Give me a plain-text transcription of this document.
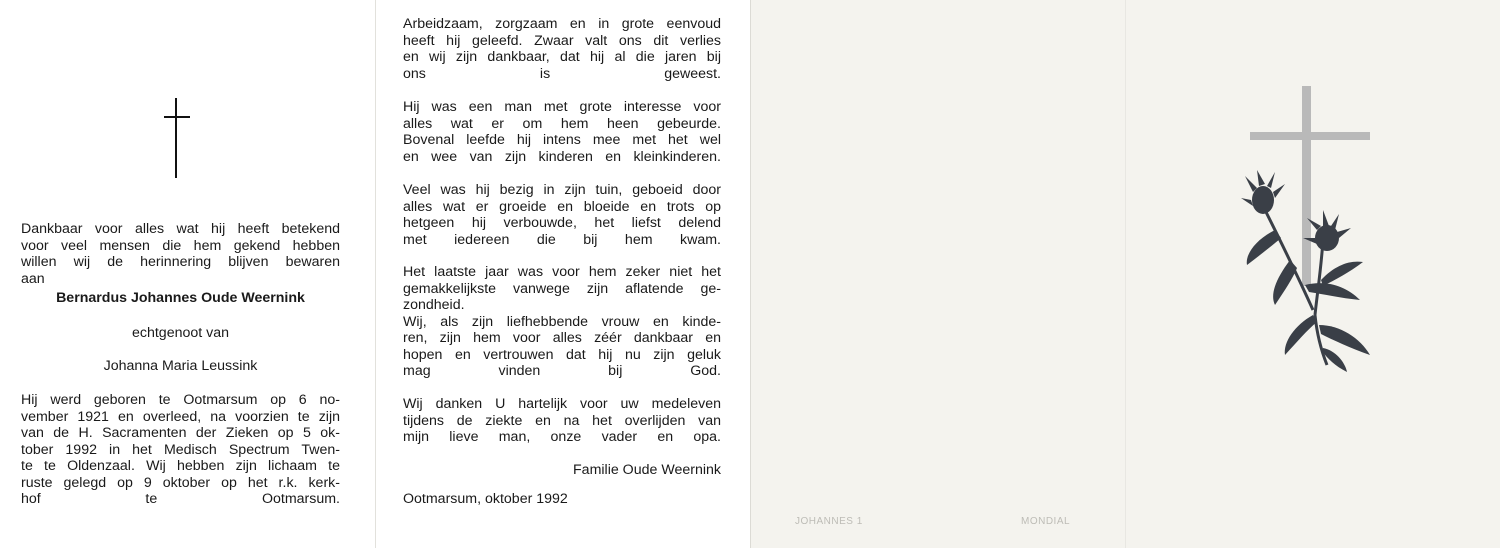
Dankbaar voor alles wat hij heeft betekend
voor veel mensen die hem gekend hebben
willen wij de herinnering blijven bewaren
aan
Bernardus Johannes Oude Weernink
echtgenoot van
Johanna Maria Leussink
Hij werd geboren te Ootmarsum op 6 no-
vember 1921 en overleed, na voorzien te zijn
van de H. Sacramenten der Zieken op 5 ok-
tober 1992 in het Medisch Spectrum Twen-
te te Oldenzaal. Wij hebben zijn lichaam te
ruste gelegd op 9 oktober op het r.k. kerk-
hof te Ootmarsum.
Arbeidzaam, zorgzaam en in grote eenvoud
heeft hij geleefd. Zwaar valt ons dit verlies
en wij zijn dankbaar, dat hij al die jaren bij
ons is geweest.
Hij was een man met grote interesse voor
alles wat er om hem heen gebeurde.
Bovenal leefde hij intens mee met het wel
en wee van zijn kinderen en kleinkinderen.
Veel was hij bezig in zijn tuin, geboeid door
alles wat er groeide en bloeide en trots op
hetgeen hij verbouwde, het liefst delend
met iedereen die bij hem kwam.
Het laatste jaar was voor hem zeker niet het
gemakkelijkste vanwege zijn aflatende ge-
zondheid.
Wij, als zijn liefhebbende vrouw en kinde-
ren, zijn hem voor alles zéér dankbaar en
hopen en vertrouwen dat hij nu zijn geluk
mag vinden bij God.
Wij danken U hartelijk voor uw medeleven
tijdens de ziekte en na het overlijden van
mijn lieve man, onze vader en opa.
Familie Oude Weernink
Ootmarsum, oktober 1992
JOHANNES 1	MONDIAL
